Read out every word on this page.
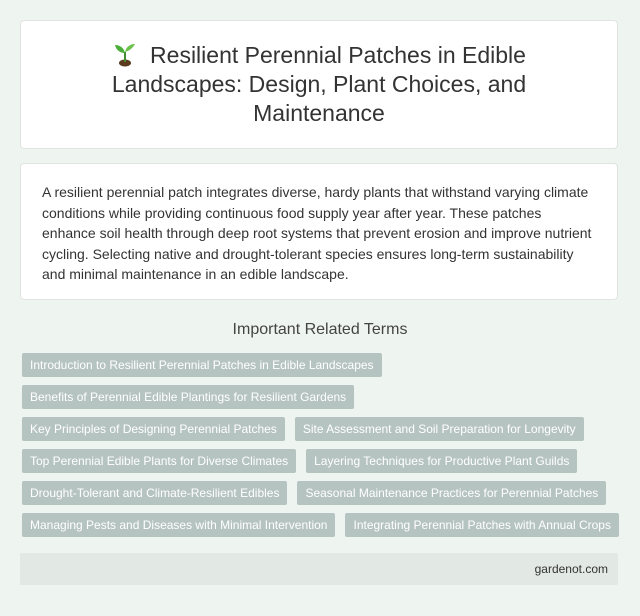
Resilient Perennial Patches in Edible Landscapes: Design, Plant Choices, and Maintenance

A resilient perennial patch integrates diverse, hardy plants that withstand varying climate conditions while providing continuous food supply year after year. These patches enhance soil health through deep root systems that prevent erosion and improve nutrient cycling. Selecting native and drought-tolerant species ensures long-term sustainability and minimal maintenance in an edible landscape.

Important Related Terms
Introduction to Resilient Perennial Patches in Edible Landscapes
Benefits of Perennial Edible Plantings for Resilient Gardens
Key Principles of Designing Perennial Patches	Site Assessment and Soil Preparation for Longevity
Top Perennial Edible Plants for Diverse Climates	Layering Techniques for Productive Plant Guilds
Drought-Tolerant and Climate-Resilient Edibles	Seasonal Maintenance Practices for Perennial Patches
Managing Pests and Diseases with Minimal Intervention	Integrating Perennial Patches with Annual Crops
gardenot.com
